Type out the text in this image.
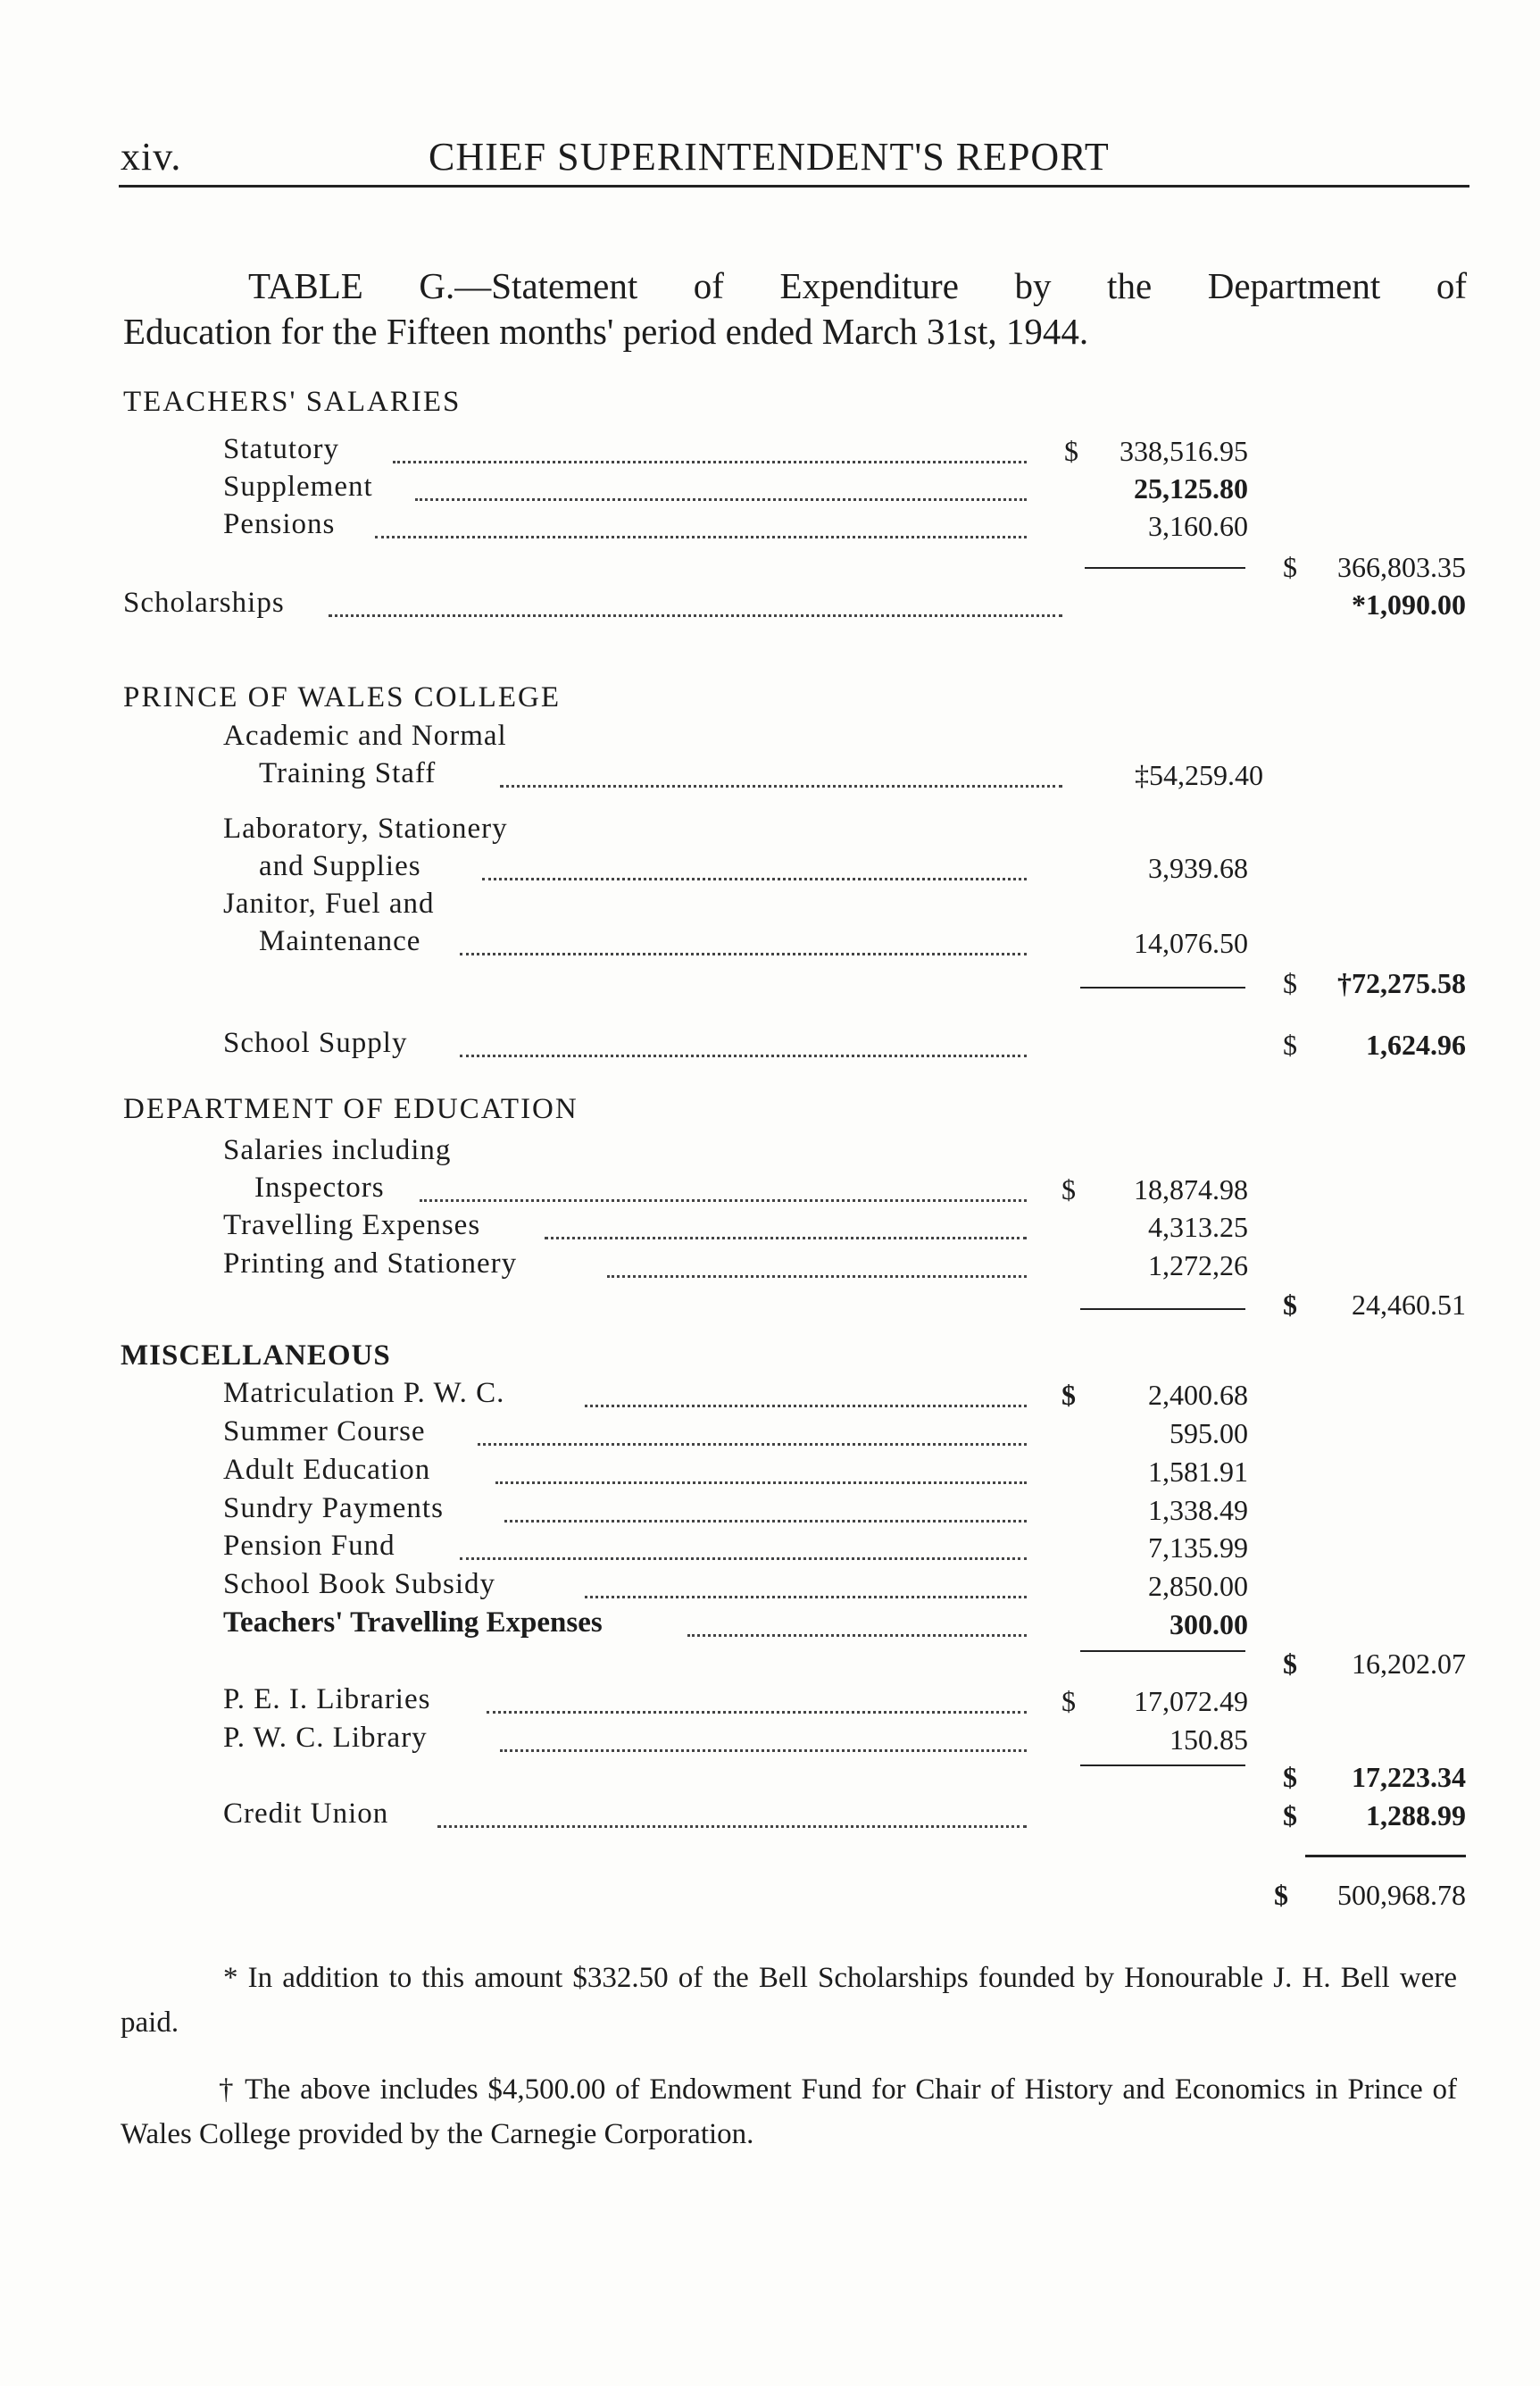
xiv.	CHIEF SUPERINTENDENT'S REPORT
TABLE G.—Statement of Expenditure by the Department of
Education for the Fifteen months' period ended March 31st, 1944.
TEACHERS' SALARIES
Statutory	$ 338,516.95
Supplement	25,125.80
Pensions	3,160.60
$ 366,803.35
Scholarships	*1,090.00
PRINCE OF WALES COLLEGE
Academic and Normal
Training Staff	‡54,259.40
Laboratory, Stationery
and Supplies	3,939.68
Janitor, Fuel and
Maintenance	14,076.50
$ †72,275.58
School Supply	$ 1,624.96
DEPARTMENT OF EDUCATION
Salaries including
Inspectors	$ 18,874.98
Travelling Expenses	4,313.25
Printing and Stationery	1,272,26
$ 24,460.51
MISCELLANEOUS
Matriculation P. W. C.	$	2,400.68
Summer Course	595.00
Adult Education	1,581.91
Sundry Payments	1,338.49
Pension Fund	7,135.99
School Book Subsidy	2,850.00
Teachers' Travelling Expenses	300.00
$ 16,202.07
P. E. I. Libraries	$ 17,072.49
P. W. C. Library	150.85
$ 17,223.34
Credit Union	$ 1,288.99
$ 500,968.78
* In addition to this amount $332.50 of the Bell Scholarships founded by Honourable J. H. Bell were paid.
† The above includes $4,500.00 of Endowment Fund for Chair of History and Economics in Prince of Wales College provided by the Carnegie Corporation.
